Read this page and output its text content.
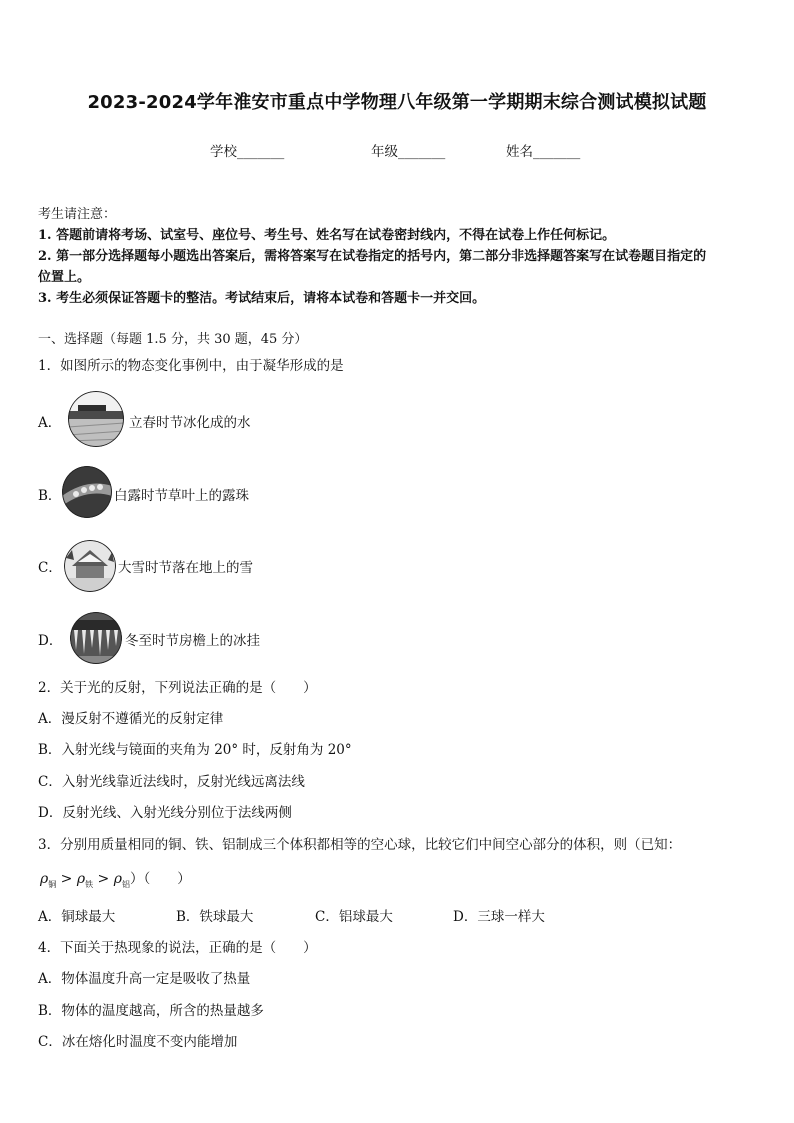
2023-2024学年淮安市重点中学物理八年级第一学期期末综合测试模拟试题
学校_______	年级_______	姓名_______
考生请注意：
1. 答题前请将考场、试室号、座位号、考生号、姓名写在试卷密封线内，不得在试卷上作任何标记。
2. 第一部分选择题每小题选出答案后，需将答案写在试卷指定的括号内，第二部分非选择题答案写在试卷题目指定的
位置上。
3. 考生必须保证答题卡的整洁。考试结束后，请将本试卷和答题卡一并交回。
一、选择题（每题 1.5 分，共 30 题，45 分）
1．如图所示的物态变化事例中，由于凝华形成的是
A．	立春时节冰化成的水
B．	白露时节草叶上的露珠
C．	大雪时节落在地上的雪
D．	冬至时节房檐上的冰挂
2．关于光的反射，下列说法正确的是（　　）
A．漫反射不遵循光的反射定律
B．入射光线与镜面的夹角为 20° 时，反射角为 20°
C．入射光线靠近法线时，反射光线远离法线
D．反射光线、入射光线分别位于法线两侧
3．分别用质量相同的铜、铁、铝制成三个体积都相等的空心球，比较它们中间空心部分的体积，则（已知：
$\rho_铜 > \rho_铁 > \rho_铝$）（　　）
A．铜球最大	B．铁球最大	C．铝球最大	D．三球一样大
4．下面关于热现象的说法，正确的是（　　）
A．物体温度升高一定是吸收了热量
B．物体的温度越高，所含的热量越多
C．冰在熔化时温度不变内能增加
